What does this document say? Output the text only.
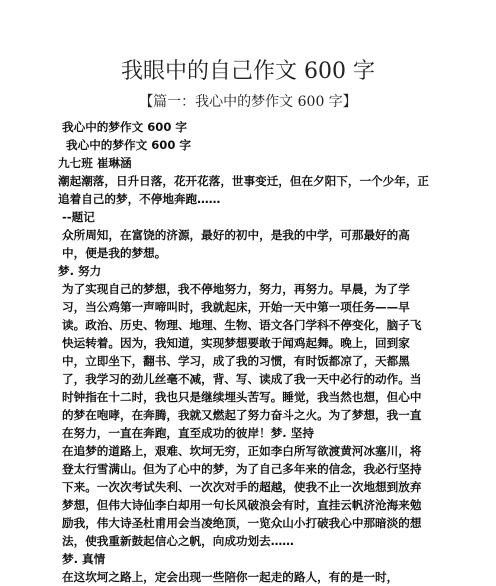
我眼中的自己作文 600 字
【篇一：我心中的梦作文 600 字】

我心中的梦作文 600 字

我心中的梦作文 600 字

九七班 崔琳涵

潮起潮落，日升日落，花开花落，世事变迁，但在夕阳下，一个少年，正追着自己的梦，不停地奔跑……

--题记

众所周知，在富饶的济源，最好的初中，是我的中学，可那最好的高中，便是我的梦想。

梦. 努力

为了实现自己的梦想，我不停地努力，努力，再努力。早晨，为了学习，当公鸡第一声啼叫时，我就起床，开始一天中第一项任务——早读。政治、历史、物理、地理、生物、语文各门学科不停变化，脑子飞快运转着。因为，我知道，实现梦想要敢于闻鸡起舞。晚上，回到家中，立即坐下，翻书、学习，成了我的习惯，有时饭都凉了，天都黑了，我学习的劲儿丝毫不减，背、写、读成了我一天中必行的动作。当时钟指在十二时，我也只是继续埋头苦写。睡觉，我当然也想，但心中的梦在咆哮，在奔腾，我就又燃起了努力奋斗之火。为了梦想，我一直在努力，一直在奔跑，直至成功的彼岸！梦. 坚持

在追梦的道路上，艰难、坎坷无穷，正如李白所写欲渡黄河冰塞川，将登太行雪满山。但为了心中的梦，为了自己多年来的信念，我必行坚持下来。一次次考试失利、一次次对手的超越，使我不止一次地想到放弃梦想，但伟大诗仙李白却用一句长风破浪会有时，直挂云帆济沧海来勉励我，伟大诗圣杜甫用会当凌绝顶，一览众山小打破我心中那暗淡的想法，使我重新鼓起信心之帆，向成功划去……

梦. 真情

在这坎坷之路上，定会出现一些陪你一起走的路人，有的是一时，
